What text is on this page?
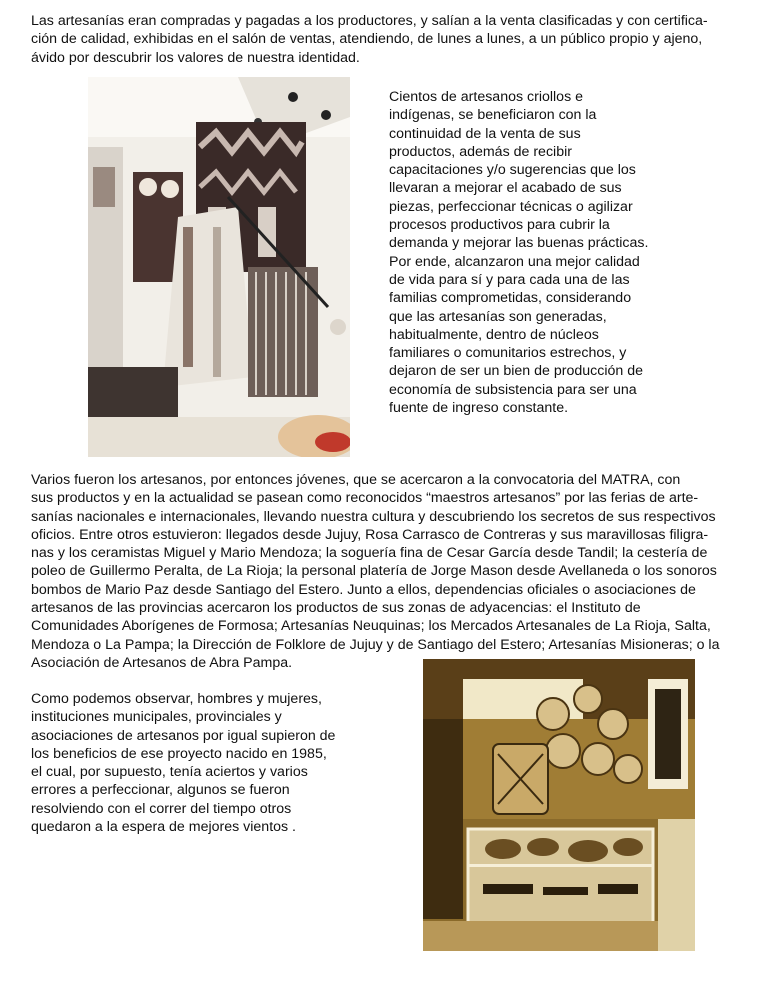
Las artesanías eran compradas y pagadas a los productores, y salían a la venta clasificadas y con certifica-
ción de calidad, exhibidas en el salón de ventas, atendiendo, de lunes a lunes, a un público propio y ajeno,
ávido por descubrir los valores de nuestra identidad.
Cientos de artesanos criollos e
indígenas, se beneficiaron con la
continuidad de la venta de sus
productos, además de recibir
capacitaciones y/o sugerencias que los
llevaran a mejorar el acabado de sus
piezas, perfeccionar técnicas o agilizar
procesos productivos para cubrir la
demanda y mejorar las buenas prácticas.
Por ende, alcanzaron una mejor calidad
de vida para sí y para cada una de las
familias comprometidas, considerando
que las artesanías son generadas,
habitualmente, dentro de núcleos
familiares o comunitarios estrechos, y
dejaron de ser un bien de producción de
economía de subsistencia para ser una
fuente de ingreso constante.
Varios fueron los artesanos, por entonces jóvenes, que se acercaron a la convocatoria del MATRA, con
sus productos y en la actualidad se pasean como reconocidos “maestros artesanos” por las ferias de arte-
sanías nacionales e internacionales, llevando nuestra cultura y descubriendo los secretos de sus respectivos
oficios. Entre otros estuvieron: llegados desde Jujuy, Rosa Carrasco de Contreras y sus maravillosas filigra-
nas y los ceramistas Miguel y Mario Mendoza; la soguería fina de Cesar García desde Tandil; la cestería de
poleo de Guillermo Peralta, de La Rioja; la personal platería de Jorge Mason desde Avellaneda o los sonoros
bombos de Mario Paz desde Santiago del Estero. Junto a ellos, dependencias oficiales o asociaciones de
artesanos de las provincias acercaron los productos de sus zonas de adyacencias: el Instituto de
Comunidades Aborígenes de Formosa; Artesanías Neuquinas; los Mercados Artesanales de La Rioja, Salta,
Mendoza o La Pampa; la Dirección de Folklore de Jujuy y de Santiago del Estero; Artesanías Misioneras; o la
Asociación de Artesanos de Abra Pampa.
Como podemos observar, hombres y mujeres,
instituciones municipales, provinciales y
asociaciones de artesanos por igual supieron de
los beneficios de ese proyecto nacido en 1985,
el cual, por supuesto, tenía aciertos y varios
errores a perfeccionar, algunos se fueron
resolviendo con el correr del tiempo otros
quedaron a la espera de mejores vientos .
